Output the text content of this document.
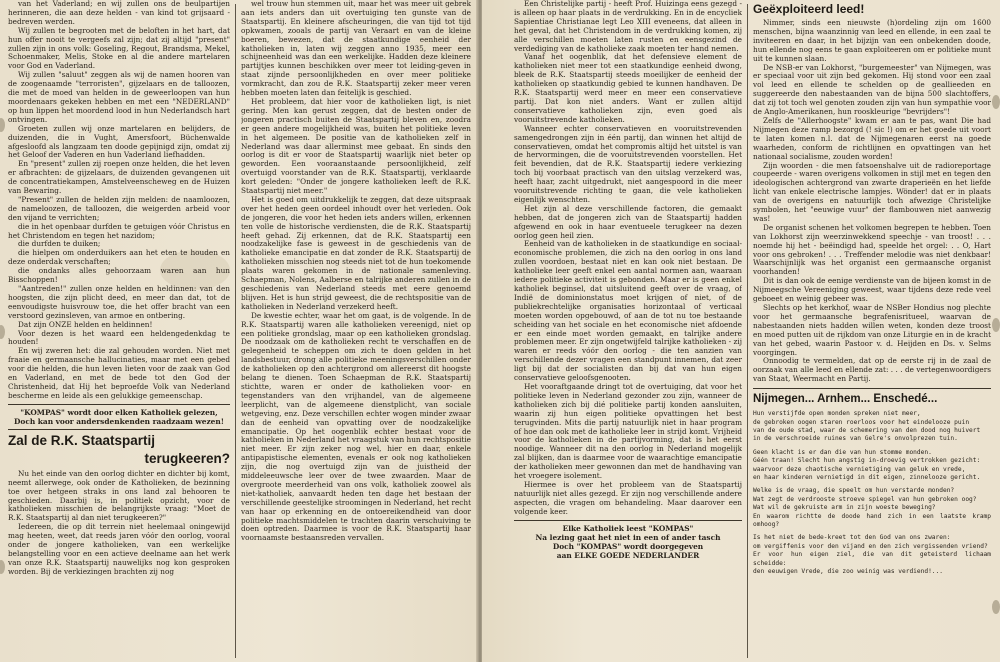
van het Vaderland; en wij zullen ons de beulpartijen herinneren, die aan deze helden - van kind tot grijsaard - bedreven werden.

Wij zullen te begrooten met de beloften in het hart, dat hun offer nooit te vergeefs zal zijn; dat zij altijd "present" zullen zijn in ons volk: Goseling, Regout, Brandsma, Mekel, Schoenmaker, Melis, Stoke en al die andere martelaren voor God en Vaderland.

Wij zullen "saluut" zeggen als wij de namen hooren van de zoogenaamde "terroristen", gijzelaars en de talloozen, die met de moed van helden in de geweerloopen van hun moordenaars gekeken hebben en met een "NEDERLAND" op hun lippen het moordend lood in hun Nederlandsch hart ontvingen.

Groeten zullen wij onze martelaren en belijders, de duizenden, die in Vught, Amersfoort, Büchenwalde afgesloofd als langzaam ten doode gepijnigd zijn, omdat zij het Geloof der Vaderen en hun Vaderland liefhadden.

En "present" zullen zij roepen onze helden, die het leven er afbrachten: de gijzelaars, de duizenden gevangenen uit de concentratiekampen, Amstelveenscheweg en de Huizen van Bewaring.

"Present" zullen de helden zijn melden: de naamloozen, de nameloozen, de talloozen, die weigerden arbeid voor den vijand te verrichten;

die in het openbaar durfden te getuigen vóór Christus en het Christendom en tegen het nazidom;

die durfden te duiken;

die hielpen om onderduikers aan het eten te houden en deze onderdak verschaften;

die ondanks alles gehoorzaam waren aan hun Bisschoppen!

"Aantreden!" zullen onze helden en heldinnen: van den hoogsten, die zijn plicht deed, en meer dan dat, tot de eenvoudigste huisvrouw toe, die het offer bracht van een verstoord gezinsleven, van armoe en ontbering.

Dat zijn ONZE helden en heldinnen!

Voor dezen is het waard een heldengedenkdag te houden!

En wij zweren het: die zal gehouden worden. Niet met fraaie en germaansche hallucinaties, maar met een gebed voor die helden, die hun leven lieten voor de zaak van God en Vaderland, en met de bede tot den God der Christenheid, dat Hij het beproefde Volk van Nederland bescherme en leide als een gelukkige gemeenschap.

"KOMPAS" wordt door elken Katholiek gelezen,
Doch kan voor andersdenkenden raadzaam wezen!
Zal de R.K. Staatspartij
terugkeeren?

Nu het einde van den oorlog dichter en dichter bij komt, neemt allerwege, ook onder de Katholieken, de bezinning toe over hetgeen straks in ons land zal behooren te geschieden. Daarbij is, in politiek opzicht, voor de katholieken misschien de belangrijkste vraag: "Moet de R.K. Staatspartij al dan niet terugkeeren?"

Iedereen, die op dit terrein niet heelemaal oningewijd mag heeten, weet, dat reeds jaren vóór den oorlog, vooral onder de jongere katholieken, van een werkelijke belangstelling voor en een actieve deelname aan het werk van onze R.K. Staatspartij nauwelijks nog kon gesproken worden. Bij de verkiezingen brachten zij nog

wel trouw hun stemmen uit, maar het was meer uit gebrek aan iets anders dan uit overtuiging ten gunste van de Staatspartij. En kleinere afscheuringen, die van tijd tot tijd opkwamen, zooals de partij van Veraart en van de kleine boeren, bewezen, dat de staatkundige eenheid der katholieken in, laten wij zeggen anno 1935, meer een schijneenheid was dan een werkelijke. Hadden deze kleinere partijtjes kunnen beschikken over meer tot leiding-geven in staat zijnde persoonlijkheden en over meer politieke vormkracht, dan zou de R.K. Staatspartij zeker meer veren hebben moeten laten dan feitelijk is geschied.

Het probleem, dat hier voor de katholieken ligt, is niet gering. Men kan gerust zeggen, dat de besten onder de jongeren practisch buiten de Staatspartij bleven en, zoodra er geen andere mogelijkheid was, buiten het politieke leven in het algemeen. De positie van de katholieken zelf in Nederland was daar allerminst mee gebaat. En sinds den oorlog is dit er voor de Staatspartij waarlijk niet beter op geworden. Een vooraanstaande persoonlijkheid, zelf overtuigd voorstander van de R.K. Staatspartij, verklaarde kort geleden: "Onder de jongere katholieken leeft de R.K. Staatspartij niet meer."

Het is goed om uitdrukkelijk te zeggen, dat deze uitspraak over het heden geen oordeel inhoudt over het verleden. Ook de jongeren, die voor het heden iets anders willen, erkennen ten volle de historische verdiensten, die de R.K. Staatspartij heeft gehad. Zij erkennen, dat de R.K. Staatspartij een noodzakelijke fase is geweest in de geschiedenis van de katholieke emancipatie en dat zonder de R.K. Staatspartij de katholieken misschien nog steeds niet tot de hun toekomende plaats waren gekomen in de nationale samenleving. Schaepman, Nolens, Aalberse en talrijke anderen zullen in de geschiedenis van Nederland steeds met eere genoemd blijven. Het is hun strijd geweest, die de rechtspositie van de katholieken in Nederland verzekerd heeft.

De kwestie echter, waar het om gaat, is de volgende. In de R.K. Staatspartij waren alle katholieken vereenigd, niet op een politieke grondslag, maar op een katholieken grondslag. De noodzaak om de katholieken recht te verschaffen en de gelegenheid te scheppen om zich te doen gelden in het landsbestuur, drong alle politieke meeningsverschillen onder de katholieken op den achtergrond om allereerst dit hoogste belang te dienen. Toen Schaepman de R.K. Staatspartij stichtte, waren er onder de katholieken voor- en tegenstanders van den vrijhandel, van de algemeene leerplicht, van de algemeene dienstplicht, van sociale wetgeving, enz. Deze verschillen echter wogen minder zwaar dan de eenheid van opvatting over de noodzakelijke emancipatie. Op het oogenblik echter bestaat voor de katholieken in Nederland het vraagstuk van hun rechtspositie niet meer. Er zijn zeker nog wel, hier en daar, enkele antipapistische elementen, evenals er ook nog katholieken zijn, die nog overtuigd zijn van de juistheid der middeleeuwsche leer over de twee zwaarden. Maar de overgroote meerderheid van ons volk, katholiek zoowel als niet-katholiek, aanvaardt heden ten dage het bestaan der verschillende geestelijke stroomingen in Nederland, het recht van haar op erkenning en de ontoereikendheid van door politieke machtsmiddelen te trachten daarin verschuiving te doen optreden. Daarmee is voor de R.K. Staatspartij haar voornaamste bestaansreden vervallen.

Een Christelijke partij - heeft Prof. Huizinga eens gezegd - is alleen op haar plaats in de verdrukking. En in de encycliek Sapientiae Christianae legt Leo XIII eveneens, dat alleen in het geval, dat het Christendom in de verdrukking komen, zij alle verschillen moeten laten rusten en eensgezind de verdediging van de katholieke zaak moeten ter hand nemen.

Vanaf het oogenblik, dat het defensieve element de katholieken niet meer tot een staatkundige eenheid dwong, bleek de R.K. Staatspartij steeds moeilijker de eenheid der katholieken op staatkundig gebied te kunnen handhaven. De R.K. Staatspartij werd meer en meer een conservatieve partij. Dat kon niet anders. Want er zullen altijd conservatieve katholieken zijn, even goed als vooruitstrevende katholieken.

Wanneer echter conservatieven en vooruitstrevenden samengedrongen zijn in één partij, dan winnen het altijd de conservatieven, omdat het compromis altijd het uitstel is van de hervormingen, die de vooruitstrevenden voorstellen. Het feit bevendien, dat de R.K. Staatspartij iedere verkiezing toch bij voorbaat practisch van den uitslag verzekerd was, heeft haar, zacht uitgedrukt, niet aangespoord in die meer vooruitstrevende richting te gaan, die vele katholieken eigenlijk wenschten.

Het zijn al deze verschillende factoren, die gemaakt hebben, dat de jongeren zich van de Staatspartij hadden afgewend en ook in haar eventueele terugkeer na dezen oorlog geen heil zien.

Eenheid van de katholieken in de staatkundige en sociaal-economische problemen, die zich na den oorlog in ons land zullen voordoen, bestaat niet en kan ook niet bestaan. De katholieke leer geeft enkel een aantal normen aan, waaraan iedere politieke activiteit is gebonden. Maar er is geen enkel katholiek beginsel, dat uitsluitend geeft over de vraag, of Indië de dominionstatus moet krijgen of niet, of de publiekrechtelijke organisaties horizontaal of verticaal moeten worden opgebouwd, of aan de tot nu toe bestaande scheiding van het sociale en het economische niet afdoende er een einde moet worden gemaakt, en talrijke andere problemen meer. Er zijn ongetwijfeld talrijke katholieken - zij waren er reeds vóór den oorlog - die ten aanzien van verschillende dezer vragen een standpunt innemen, dat zeer ligt bij dat der socialisten dan bij dat van hun eigen conservatieve geloofsgenooten.

Het vooraftgaande dringt tot de overtuiging, dat voor het politieke leven in Nederland gezonder zou zijn, wanneer de katholieken zich bij dié politieke partij konden aansluiten, waarin zij hun eigen politieke opvattingen het best terugvinden. Mits die partij natuurlijk niet in haar program of hoe dan ook met de katholieke leer in strijd komt. Vrijheid voor de katholieken in de partijvorming, dat is het eerst noodige. Wanneer dit na den oorlog in Nederland mogelijk zal blijken, dan is daarmee voor de waarachtige emancipatie der katholieken meer gewonnen dan met de handhaving van het vroegere isolement.

Hiermee is over het probleem van de Staatspartij natuurlijk niet alles gezegd. Er zijn nog verschillende andere aspecten, die vragen om behandeling. Maar daarover een volgende keer.

Elke Katholiek leest "KOMPAS"
Na lezing gaat het niet in een of ander tasch
Doch "KOMPAS" wordt doorgegeven
aan ELKE GOEDE NEDERLANDER
Geëxploiteerd leed!

Nimmer, sinds een nieuwste (h)ordeling zijn om 1600 menschen, bijna waanzinnig van leed en ellende, in een zaal te inviteeren en daar, in het bijzijn van een onbekenden doode, hun ellende nog eens te gaan exploiteeren om er politieke munt uit te kunnen slaan.

De NSB-er van Lokhorst, "burgemeester" van Nijmegen, was er speciaal voor uit zijn bed gekomen. Hij stond voor een zaal vol leed en ellende te schelden op de geallieeden en suggereerde den nabestaanden van de bijna 500 slachtoffers, dat zij tot toch wel genoten zouden zijn van hun sympathie voor de Anglo-Amerikanen, hun rooskleurige "bevrijders"!

Zelfs de "Allerhoogste" kwam er aan te pas, want Die had Nijmegen deze ramp bezorgd (! sic !) om er het goede uit voort te laten komen n.l. dat de Nijmegenaren eerst na goede waarheden, conform de richtlijnen en opvattingen van het nationaal socialisme, zouden worden!

Zijn woorden - die men fatsoenshalve uit de radioreportage coupeerde - waren overigens volkomen in stijl met en tegen den ideologischen achtergrond van zwarte draperieën en het liefde licht van enkele electrische lampjes. Wönder! dat er in plaats van de overigens en natuurlijk toch afwezige Christelijke symbolen, het "eeuwige vuur" der flambouwen niet aanwezig was!

De organist schenen het volkomen begrepen te hebben. Toen van Lokhorst zijn weerzinwekkend speechje - van troost! . . . noemde hij het - beëindigd had, speelde het orgel: . . O, Hart voor ons gebroken! . . . Treffender melodie was niet denkbaar! Waarschijnlijk was het organist een germaansche organist voorhanden!

Dit is dan ook de eenige verdienste van de bijeen komst in de Nijmeegsche Vereeniging geweest, waar tijdens deze rede veel geboeet en weinig gebeer was.

Slechts op het kerkhof, waar de NSBer Hondius nog plechte voor het germaansche begrafenisritueel, waarvan de nabestaanden niets hadden willen weten, konden deze troost en moed putten uit de rijkdom van onze Liturgie en in de kracht van het gebed, waarin Pastoor v. d. Heijden en Ds. v. Selms voorgingen.

Onnoodig te vermelden, dat op de eerste rij in de zaal de oorzaak van alle leed en ellende zat: . . . de vertegenwoordigers van Staat, Weermacht en Partij.

Nijmegen... Arnhem... Enschedé...

Hun verstijfde open monden spreken niet meer,

de gebroken oogen staren roerloos voor het eindelooze puin

van de oude stad, waar de schemering van den dood nog huivert

in de verschroeide ruines van Gelre's onvolprezen tuin.

Geen klacht is er dan die van hun stomme monden.

Géén traan! Slecht hun angstig in-droevig vertrokken gezicht:

waarvoor deze chaotische vernietiging van geluk en vrede,

en haar kinderen vernietigd in dit eigen, zinnelooze gericht.

Welke is de vraag, die speelt om hun verstarde monden?

Wat zegt de verdrooste stroeve spiegel van hun gebroken oog?

Wat wil de gekruiste arm in zijn woeste beweging?

En waarom richtte de doode hand zich in een laatste kramp omhoog?

Is het niet de bede-kreet tot den God van ons zwaren:

om vergiffenis voor den vijand en den zich vergissenden vriend?

Er voor hun eigen ziel, die van dit geteisterd lichaam scheidde:

den eeuwigen Vrede, die zoo weinig was verdiend!...
